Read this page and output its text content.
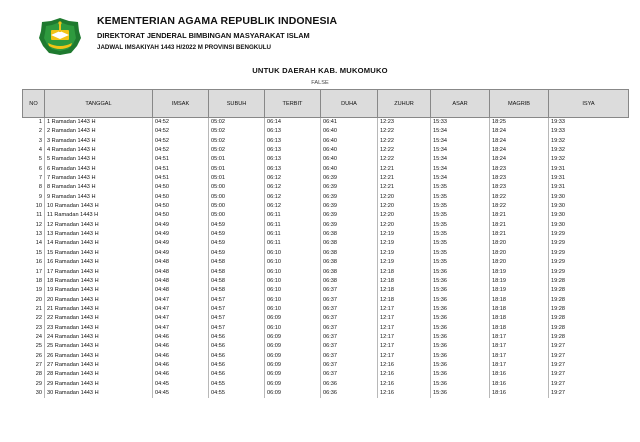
KEMENTERIAN AGAMA REPUBLIK INDONESIA
DIREKTORAT JENDERAL BIMBINGAN MASYARAKAT ISLAM
JADWAL IMSAKIYAH 1443 H/2022 M PROVINSI BENGKULU
UNTUK DAERAH KAB. MUKOMUKO
FALSE
NO	TANGGAL	IMSAK	SUBUH	TERBIT	DUHA	ZUHUR	ASAR	MAGRIB	ISYA
1	1 Ramadan 1443 H	04:52	05:02	06:14	06:41	12:23	15:33	18:25	19:33
2	2 Ramadan 1443 H	04:52	05:02	06:13	06:40	12:22	15:34	18:24	19:33
3	3 Ramadan 1443 H	04:52	05:02	06:13	06:40	12:22	15:34	18:24	19:32
4	4 Ramadan 1443 H	04:52	05:02	06:13	06:40	12:22	15:34	18:24	19:32
5	5 Ramadan 1443 H	04:51	05:01	06:13	06:40	12:22	15:34	18:24	19:32
6	6 Ramadan 1443 H	04:51	05:01	06:13	06:40	12:21	15:34	18:23	19:31
7	7 Ramadan 1443 H	04:51	05:01	06:12	06:39	12:21	15:34	18:23	19:31
8	8 Ramadan 1443 H	04:50	05:00	06:12	06:39	12:21	15:35	18:23	19:31
9	9 Ramadan 1443 H	04:50	05:00	06:12	06:39	12:20	15:35	18:22	19:30
10	10 Ramadan 1443 H	04:50	05:00	06:12	06:39	12:20	15:35	18:22	19:30
11	11 Ramadan 1443 H	04:50	05:00	06:11	06:39	12:20	15:35	18:21	19:30
12	12 Ramadan 1443 H	04:49	04:59	06:11	06:39	12:20	15:35	18:21	19:30
13	13 Ramadan 1443 H	04:49	04:59	06:11	06:38	12:19	15:35	18:21	19:29
14	14 Ramadan 1443 H	04:49	04:59	06:11	06:38	12:19	15:35	18:20	19:29
15	15 Ramadan 1443 H	04:49	04:59	06:10	06:38	12:19	15:35	18:20	19:29
16	16 Ramadan 1443 H	04:48	04:58	06:10	06:38	12:19	15:35	18:20	19:29
17	17 Ramadan 1443 H	04:48	04:58	06:10	06:38	12:18	15:36	18:19	19:29
18	18 Ramadan 1443 H	04:48	04:58	06:10	06:38	12:18	15:36	18:19	19:28
19	19 Ramadan 1443 H	04:48	04:58	06:10	06:37	12:18	15:36	18:19	19:28
20	20 Ramadan 1443 H	04:47	04:57	06:10	06:37	12:18	15:36	18:18	19:28
21	21 Ramadan 1443 H	04:47	04:57	06:10	06:37	12:17	15:36	18:18	19:28
22	22 Ramadan 1443 H	04:47	04:57	06:09	06:37	12:17	15:36	18:18	19:28
23	23 Ramadan 1443 H	04:47	04:57	06:10	06:37	12:17	15:36	18:18	19:28
24	24 Ramadan 1443 H	04:46	04:56	06:09	06:37	12:17	15:36	18:17	19:28
25	25 Ramadan 1443 H	04:46	04:56	06:09	06:37	12:17	15:36	18:17	19:27
26	26 Ramadan 1443 H	04:46	04:56	06:09	06:37	12:17	15:36	18:17	19:27
27	27 Ramadan 1443 H	04:46	04:56	06:09	06:37	12:16	15:36	18:17	19:27
28	28 Ramadan 1443 H	04:46	04:56	06:09	06:37	12:16	15:36	18:16	19:27
29	29 Ramadan 1443 H	04:45	04:55	06:09	06:36	12:16	15:36	18:16	19:27
30	30 Ramadan 1443 H	04:45	04:55	06:09	06:36	12:16	15:36	18:16	19:27
